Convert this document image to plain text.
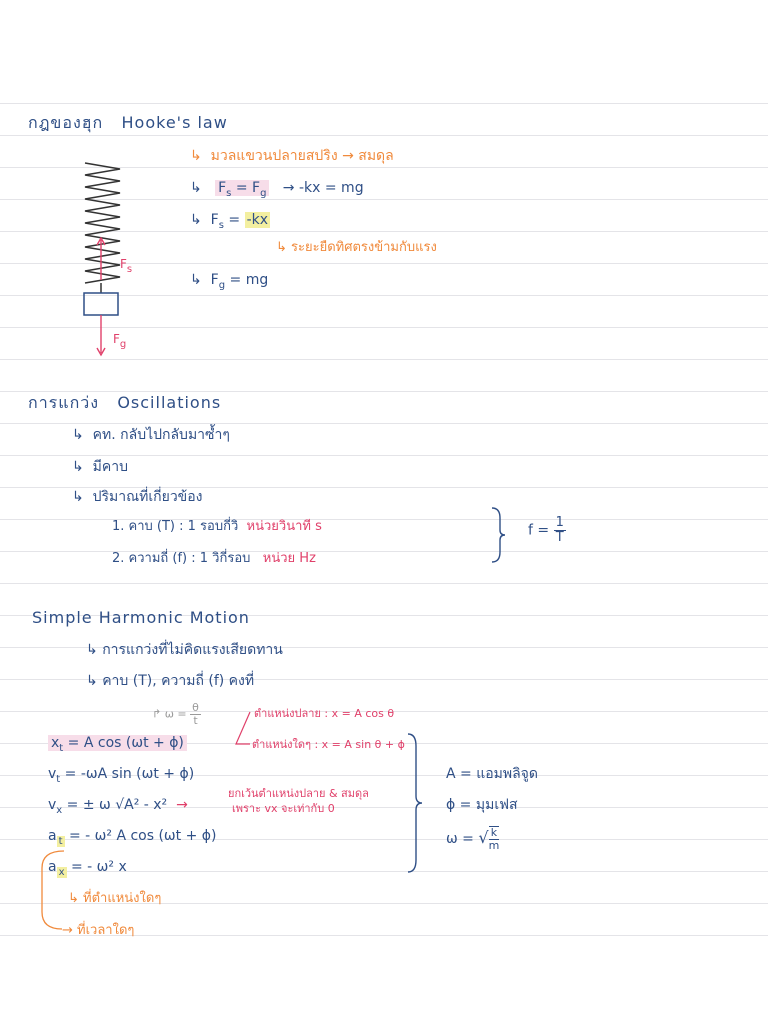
กฎของฮุก Hooke's law
$F_s$
$F_g$
↳  มวลแขวนปลายสปริง → สมดุล
↳   $F_s = F_g \to -kx$ = mg
↳  $F_s = -kx$
↳ ระยะยืดทิศตรงข้ามกับแรง
↳  $F_g$ = mg
การแกว่ง Oscillations
↳  คท. กลับไปกลับมาซ้ำๆ
↳  มีคาบ
↳  ปริมาณที่เกี่ยวข้อง
1. คาบ (T) : 1 รอบกี่วิ หน่วยวินาที s
2. ความถี่ (f) : 1 วิกี่รอบ หน่วย Hz
$f = \frac{1}{T}$
Simple Harmonic Motion
↳ การแกว่งที่ไม่คิดแรงเสียดทาน
↳ คาบ (T), ความถี่ (f) คงที่
↱ $\omega = \frac{\theta}{t}$	ตำแหน่งปลาย : x = A cos θ
ตำแหน่งใดๆ : x = A sin θ + ϕ
$x_t = A$ cos (ωt + ϕ)
$v_t = -\omega A$ sin (ωt + ϕ)
$v_x$ = ± ω √A² - x²  →
ยกเว้นตำแหน่งปลาย & สมดุล
เพราะ vx จะเท่ากับ 0
a $_t$ = - ω² A cos (ωt + ϕ)
a $_x$ = - ω² x
↳ ที่ตำแหน่งใดๆ
→ ที่เวลาใดๆ
A = แอมพลิจูด
ϕ = มุมเฟส
ω = √ $\frac{k}{m}$
